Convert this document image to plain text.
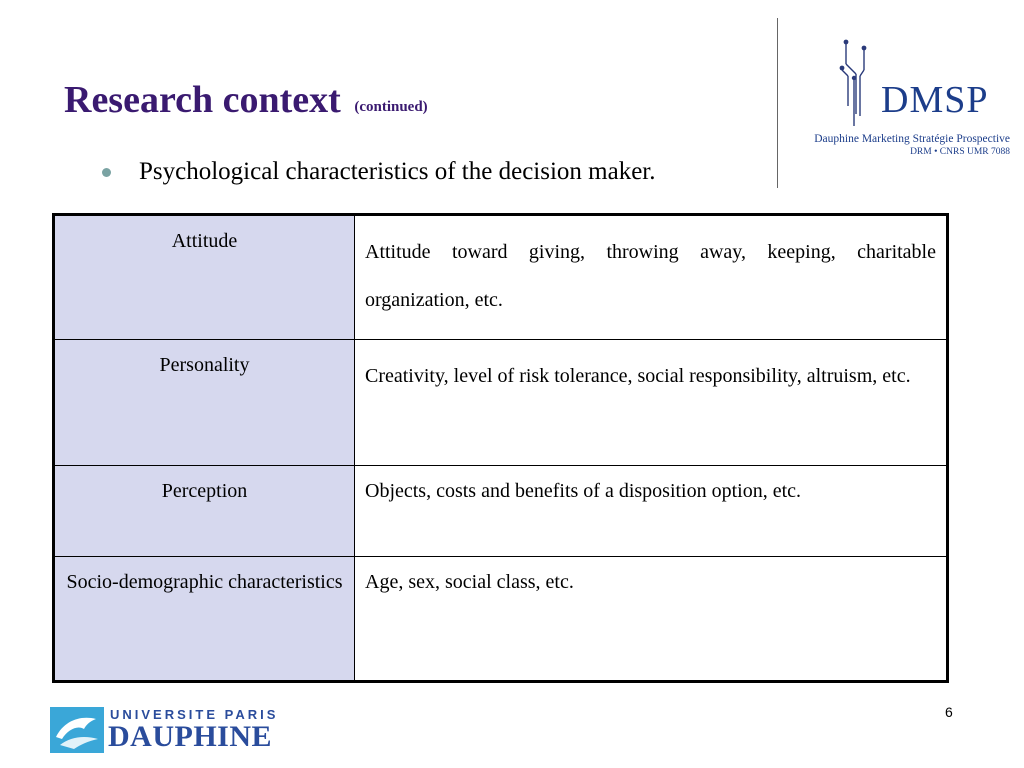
Research context (continued)	DMSP
Dauphine Marketing Stratégie Prospective
DRM • CNRS UMR 7088
Psychological characteristics of the decision maker.
Attitude	Attitude toward giving, throwing away, keeping, charitable organization, etc.
Personality	Creativity, level of risk tolerance, social responsibility, altruism, etc.
Perception	Objects, costs and benefits of a disposition option, etc.
Socio-demographic characteristics	Age, sex, social class, etc.
UNIVERSITE PARIS
DAUPHINE
6
